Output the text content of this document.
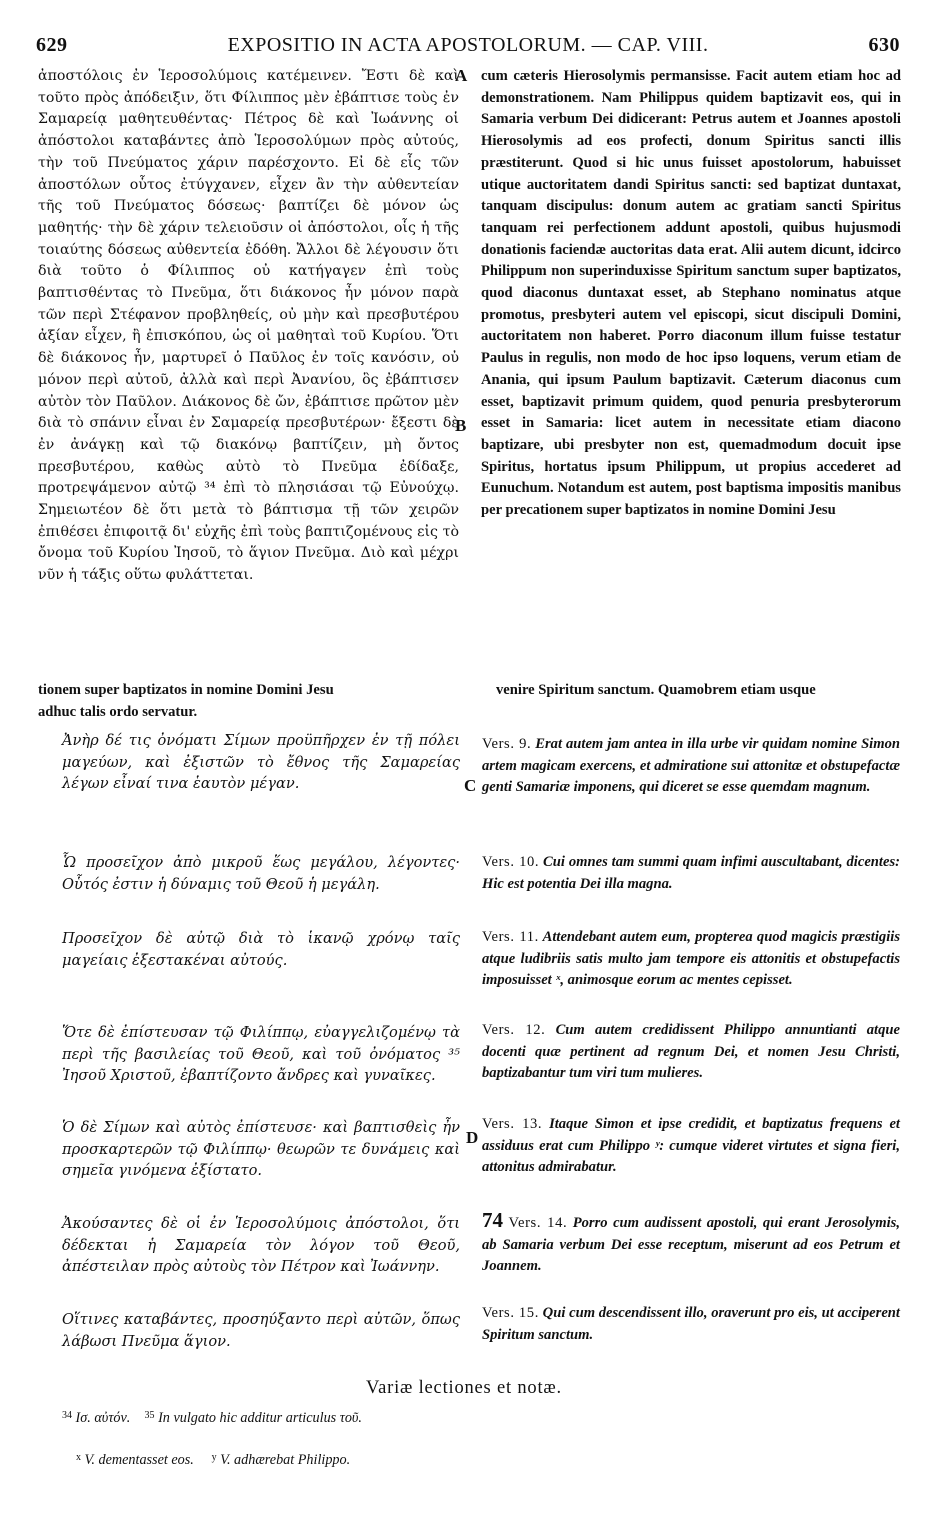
629	EXPOSITIO IN ACTA APOSTOLORUM. — CAP. VIII.	630

ἀποστόλοις ἐν Ἱεροσολύμοις κατέμεινεν. Ἔστι δὲ καὶ τοῦτο πρὸς ἀπόδειξιν, ὅτι Φίλιππος μὲν ἐβάπτισε τοὺς ἐν Σαμαρείᾳ μαθητευθέντας· Πέτρος δὲ καὶ Ἰωάννης οἱ ἀπόστολοι καταβάντες ἀπὸ Ἱεροσολύμων πρὸς αὐτούς, τὴν τοῦ Πνεύματος χάριν παρέσχοντο. Εἰ δὲ εἷς τῶν ἀποστόλων οὗτος ἐτύγχανεν, εἶχεν ἂν τὴν αὐθεντείαν τῆς τοῦ Πνεύματος δόσεως· βαπτίζει δὲ μόνον ὡς μαθητής· τὴν δὲ χάριν τελειοῦσιν οἱ ἀπόστολοι, οἷς ἡ τῆς τοιαύτης δόσεως αὐθεντεία ἐδόθη. Ἄλλοι δὲ λέγουσιν ὅτι διὰ τοῦτο ὁ Φίλιππος οὐ κατήγαγεν ἐπὶ τοὺς βαπτισθέντας τὸ Πνεῦμα, ὅτι διάκονος ἦν μόνον παρὰ τῶν περὶ Στέφανον προβληθείς, οὐ μὴν καὶ πρεσβυτέρου ἀξίαν εἶχεν, ἢ ἐπισκόπου, ὡς οἱ μαθηταὶ τοῦ Κυρίου. Ὅτι δὲ διάκονος ἦν, μαρτυρεῖ ὁ Παῦλος ἐν τοῖς κανόσιν, οὐ μόνον περὶ αὐτοῦ, ἀλλὰ καὶ περὶ Ἀνανίου, ὃς ἐβάπτισεν αὐτὸν τὸν Παῦλον. Διάκονος δὲ ὤν, ἐβάπτισε πρῶτον μὲν διὰ τὸ σπάνιν εἶναι ἐν Σαμαρείᾳ πρεσβυτέρων· ἔξεστι δὲ ἐν ἀνάγκῃ καὶ τῷ διακόνῳ βαπτίζειν, μὴ ὄντος πρεσβυτέρου, καθὼς αὐτὸ τὸ Πνεῦμα ἐδίδαξε, προτρεψάμενον αὐτῷ ³⁴ ἐπὶ τὸ πλησιάσαι τῷ Εὐνούχῳ. Σημειωτέον δὲ ὅτι μετὰ τὸ βάπτισμα τῇ τῶν χειρῶν ἐπιθέσει ἐπιφοιτᾷ δι' εὐχῆς ἐπὶ τοὺς βαπτιζομένους εἰς τὸ ὄνομα τοῦ Κυρίου Ἰησοῦ, τὸ ἅγιον Πνεῦμα. Διὸ καὶ μέχρι νῦν ἡ τάξις οὕτω φυλάττεται.

cum cæteris Hierosolymis permansisse. Facit autem etiam hoc ad demonstrationem. Nam Philippus quidem baptizavit eos, qui in Samaria verbum Dei didicerant: Petrus autem et Joannes apostoli Hierosolymis ad eos profecti, donum Spiritus sancti illis præstiterunt. Quod si hic unus fuisset apostolorum, habuisset utique auctoritatem dandi Spiritus sancti: sed baptizat duntaxat, tanquam discipulus: donum autem ac gratiam sancti Spiritus tanquam rei perfectionem addunt apostoli, quibus hujusmodi donationis faciendæ auctoritas data erat. Alii autem dicunt, idcirco Philippum non superinduxisse Spiritum sanctum super baptizatos, quod diaconus duntaxat esset, ab Stephano nominatus atque promotus, presbyteri autem vel episcopi, sicut discipuli Domini, auctoritatem non haberet. Porro diaconum illum fuisse testatur Paulus in regulis, non modo de hoc ipso loquens, verum etiam de Anania, qui ipsum Paulum baptizavit. Cæterum diaconus cum esset, baptizavit primum quidem, quod penuria presbyterorum esset in Samaria: licet autem in necessitate etiam diacono baptizare, ubi presbyter non est, quemadmodum docuit ipse Spiritus, hortatus ipsum Philippum, ut propius accederet ad Eunuchum. Notandum est autem, post baptisma impositis manibus per precationem super baptizatos in nomine Domini Jesu

A
B
C
D
tionem super baptizatos in nomine Domini Jesu	venire Spiritum sanctum. Quamobrem etiam usque
adhuc talis ordo servatur.
Ἀνὴρ δέ τις ὀνόματι Σίμων προϋπῆρχεν ἐν τῇ πόλει μαγεύων, καὶ ἐξιστῶν τὸ ἔθνος τῆς Σαμαρείας λέγων εἶναί τινα ἑαυτὸν μέγαν.
Ὧ προσεῖχον ἀπὸ μικροῦ ἕως μεγάλου, λέγοντες· Οὗτός ἐστιν ἡ δύναμις τοῦ Θεοῦ ἡ μεγάλη.
Προσεῖχον δὲ αὐτῷ διὰ τὸ ἱκανῷ χρόνῳ ταῖς μαγείαις ἐξεστακέναι αὐτούς.
Ὅτε δὲ ἐπίστευσαν τῷ Φιλίππῳ, εὐαγγελιζομένῳ τὰ περὶ τῆς βασιλείας τοῦ Θεοῦ, καὶ τοῦ ὀνόματος ³⁵ Ἰησοῦ Χριστοῦ, ἐβαπτίζοντο ἄνδρες καὶ γυναῖκες.
Ὁ δὲ Σίμων καὶ αὐτὸς ἐπίστευσε· καὶ βαπτισθεὶς ἦν προσκαρτερῶν τῷ Φιλίππῳ· θεωρῶν τε δυνάμεις καὶ σημεῖα γινόμενα ἐξίστατο.
Ἀκούσαντες δὲ οἱ ἐν Ἱεροσολύμοις ἀπόστολοι, ὅτι δέδεκται ἡ Σαμαρεία τὸν λόγον τοῦ Θεοῦ, ἀπέστειλαν πρὸς αὐτοὺς τὸν Πέτρον καὶ Ἰωάννην.
Οἵτινες καταβάντες, προσηύξαντο περὶ αὐτῶν, ὅπως λάβωσι Πνεῦμα ἅγιον.
Vers. 9. Erat autem jam antea in illa urbe vir quidam nomine Simon artem magicam exercens, et admiratione sui attonitæ et obstupefactæ genti Samariæ imponens, qui diceret se esse quemdam magnum.
Vers. 10. Cui omnes tam summi quam infimi auscultabant, dicentes: Hic est potentia Dei illa magna.
Vers. 11. Attendebant autem eum, propterea quod magicis præstigiis atque ludibriis satis multo jam tempore eis attonitis et obstupefactis imposuisset ˣ, animosque eorum ac mentes cepisset.
Vers. 12. Cum autem credidissent Philippo annuntianti atque docenti quæ pertinent ad regnum Dei, et nomen Jesu Christi, baptizabantur tum viri tum mulieres.
Vers. 13. Itaque Simon et ipse credidit, et baptizatus frequens et assiduus erat cum Philippo ʸ: cumque videret virtutes et signa fieri, attonitus admirabatur.
74 Vers. 14. Porro cum audissent apostoli, qui erant Jerosolymis, ab Samaria verbum Dei esse receptum, miserunt ad eos Petrum et Joannem.
Vers. 15. Qui cum descendissent illo, oraverunt pro eis, ut acciperent Spiritum sanctum.
Variæ lectiones et notæ.
$^{34}$ Ισ. αὐτόν. $^{35}$ In vulgato hic additur articulus τοῦ.
$^x$ V. dementasset eos. $^y$ V. adhærebat Philippo.
